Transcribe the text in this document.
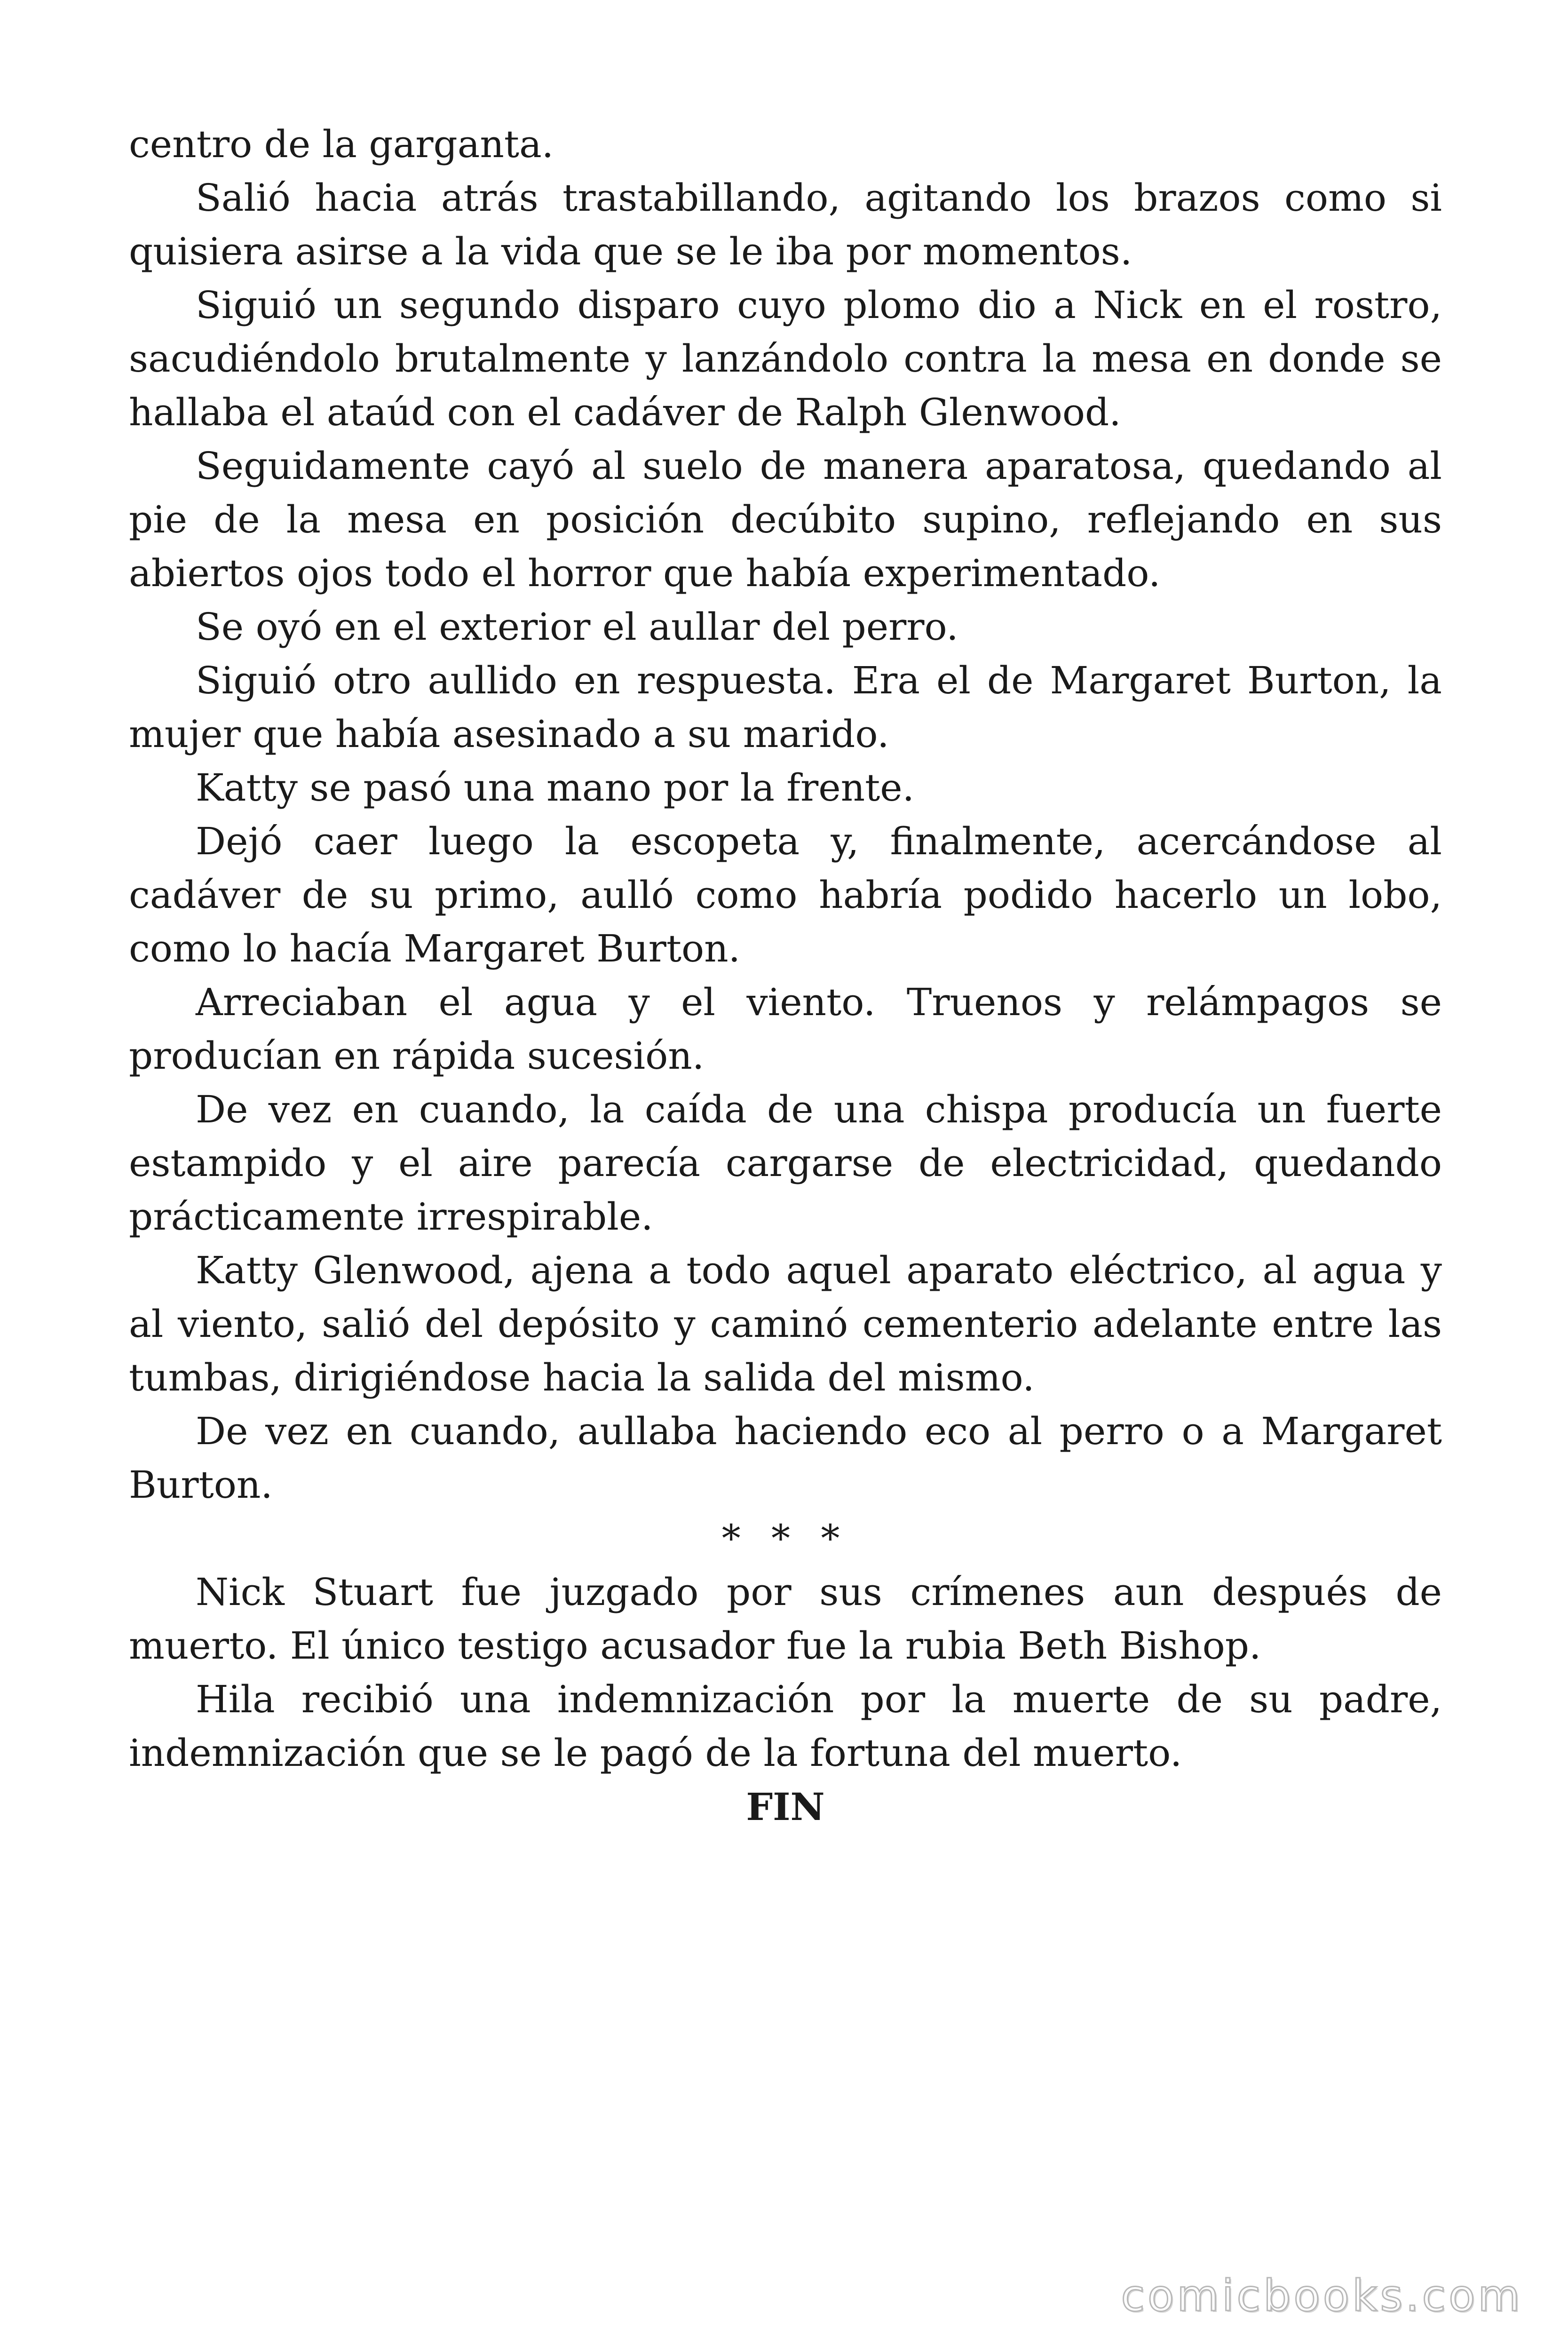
centro de la garganta.

Salió hacia atrás trastabillando, agitando los brazos como si quisiera asirse a la vida que se le iba por momentos.

Siguió un segundo disparo cuyo plomo dio a Nick en el rostro, sacudiéndolo brutalmente y lanzándolo contra la mesa en donde se hallaba el ataúd con el cadáver de Ralph Glenwood.

Seguidamente cayó al suelo de manera aparatosa, quedando al pie de la mesa en posición decúbito supino, reflejando en sus abiertos ojos todo el horror que había experimentado.

Se oyó en el exterior el aullar del perro.

Siguió otro aullido en respuesta. Era el de Margaret Burton, la mujer que había asesinado a su marido.

Katty se pasó una mano por la frente.

Dejó caer luego la escopeta y, finalmente, acercándose al cadáver de su primo, aulló como habría podido hacerlo un lobo, como lo hacía Margaret Burton.

Arreciaban el agua y el viento. Truenos y relámpagos se producían en rápida sucesión.

De vez en cuando, la caída de una chispa producía un fuerte estampido y el aire parecía cargarse de electricidad, quedando prácticamente irrespirable.

Katty Glenwood, ajena a todo aquel aparato eléctrico, al agua y al viento, salió del depósito y caminó cementerio adelante entre las tumbas, dirigiéndose hacia la salida del mismo.

De vez en cuando, aullaba haciendo eco al perro o a Margaret Burton.

* * *

Nick Stuart fue juzgado por sus crímenes aun después de muerto. El único testigo acusador fue la rubia Beth Bishop.

Hila recibió una indemnización por la muerte de su padre, indemnización que se le pagó de la fortuna del muerto.

FIN

comicbooks.com
